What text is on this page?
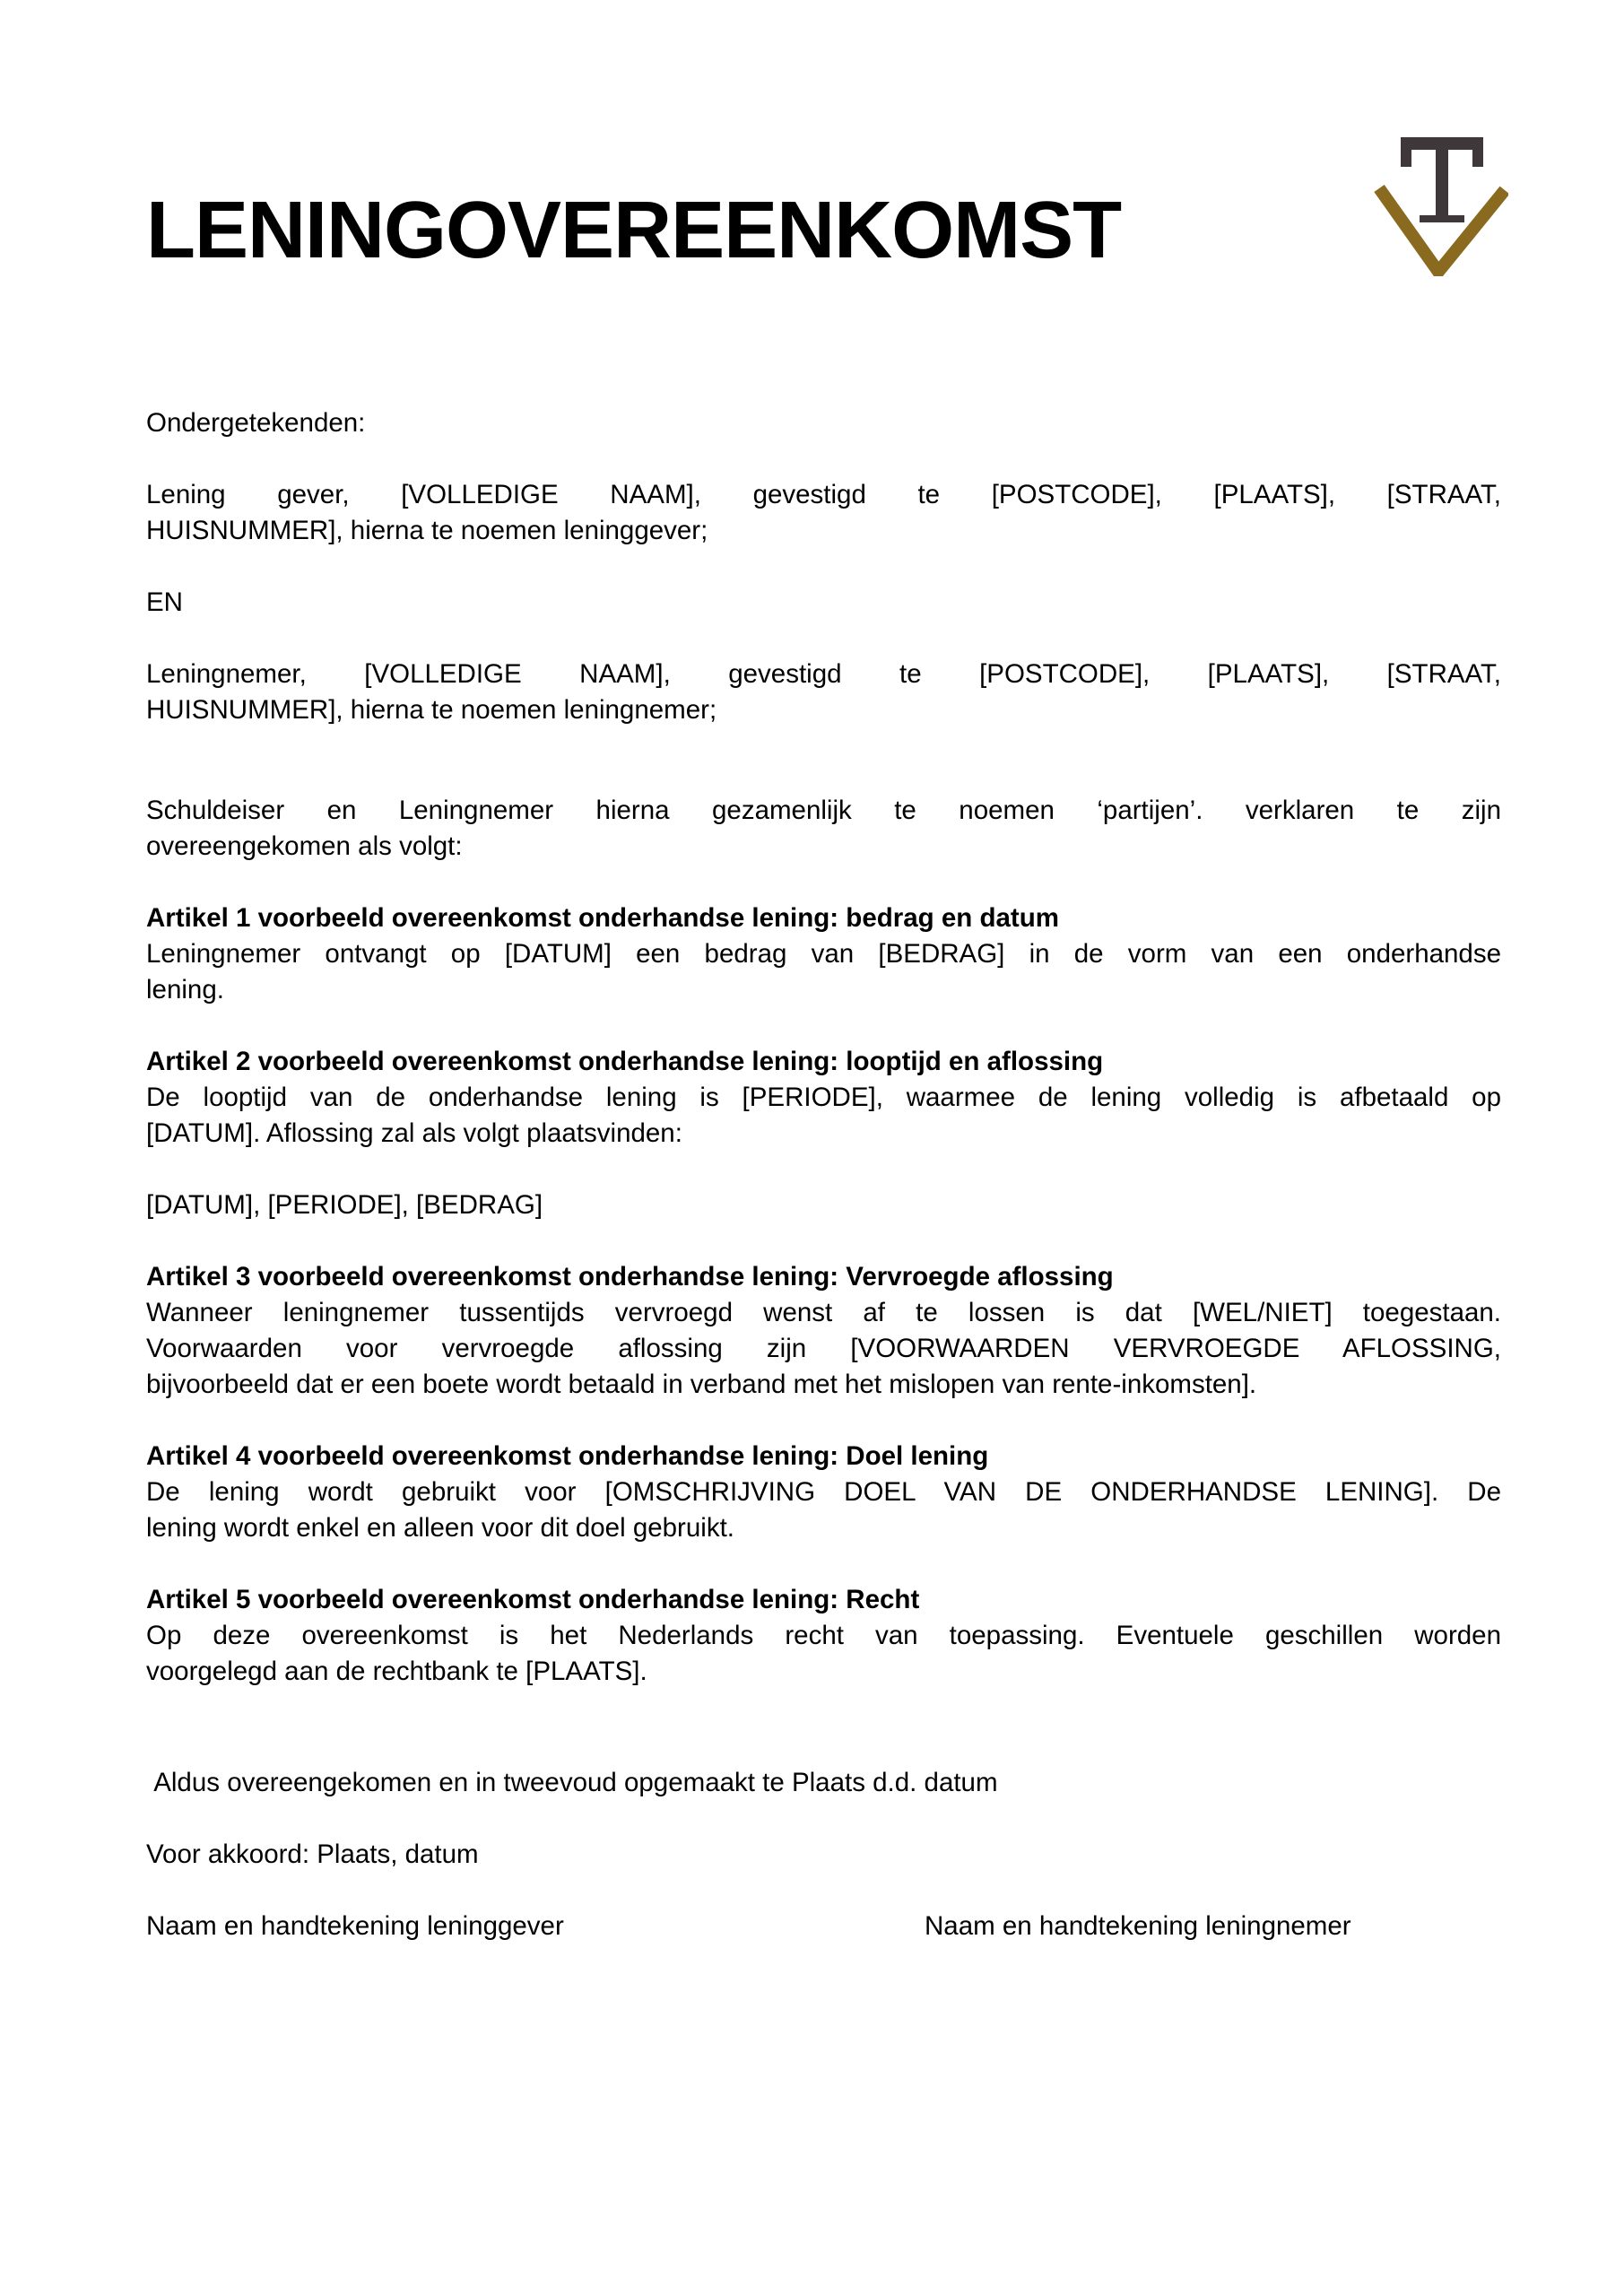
LENINGOVEREENKOMST
Ondergetekenden:
Lening gever, [VOLLEDIGE NAAM], gevestigd te [POSTCODE], [PLAATS], [STRAAT,
HUISNUMMER], hierna te noemen leninggever;
EN
Leningnemer, [VOLLEDIGE NAAM], gevestigd te [POSTCODE], [PLAATS], [STRAAT,
HUISNUMMER], hierna te noemen leningnemer;
Schuldeiser en Leningnemer hierna gezamenlijk te noemen ‘partijen’. verklaren te zijn
overeengekomen als volgt:
Artikel 1 voorbeeld overeenkomst onderhandse lening: bedrag en datum
Leningnemer ontvangt op [DATUM] een bedrag van [BEDRAG] in de vorm van een onderhandse
lening.
Artikel 2 voorbeeld overeenkomst onderhandse lening: looptijd en aflossing
De looptijd van de onderhandse lening is [PERIODE], waarmee de lening volledig is afbetaald op
[DATUM]. Aflossing zal als volgt plaatsvinden:
[DATUM], [PERIODE], [BEDRAG]
Artikel 3 voorbeeld overeenkomst onderhandse lening: Vervroegde aflossing
Wanneer leningnemer tussentijds vervroegd wenst af te lossen is dat [WEL/NIET] toegestaan.
Voorwaarden voor vervroegde aflossing zijn [VOORWAARDEN VERVROEGDE AFLOSSING,
bijvoorbeeld dat er een boete wordt betaald in verband met het mislopen van rente-inkomsten].
Artikel 4 voorbeeld overeenkomst onderhandse lening: Doel lening
De lening wordt gebruikt voor [OMSCHRIJVING DOEL VAN DE ONDERHANDSE LENING]. De
lening wordt enkel en alleen voor dit doel gebruikt.
Artikel 5 voorbeeld overeenkomst onderhandse lening: Recht
Op deze overeenkomst is het Nederlands recht van toepassing. Eventuele geschillen worden
voorgelegd aan de rechtbank te [PLAATS].
Aldus overeengekomen en in tweevoud opgemaakt te Plaats d.d. datum
Voor akkoord: Plaats, datum
Naam en handtekening leninggever	Naam en handtekening leningnemer
